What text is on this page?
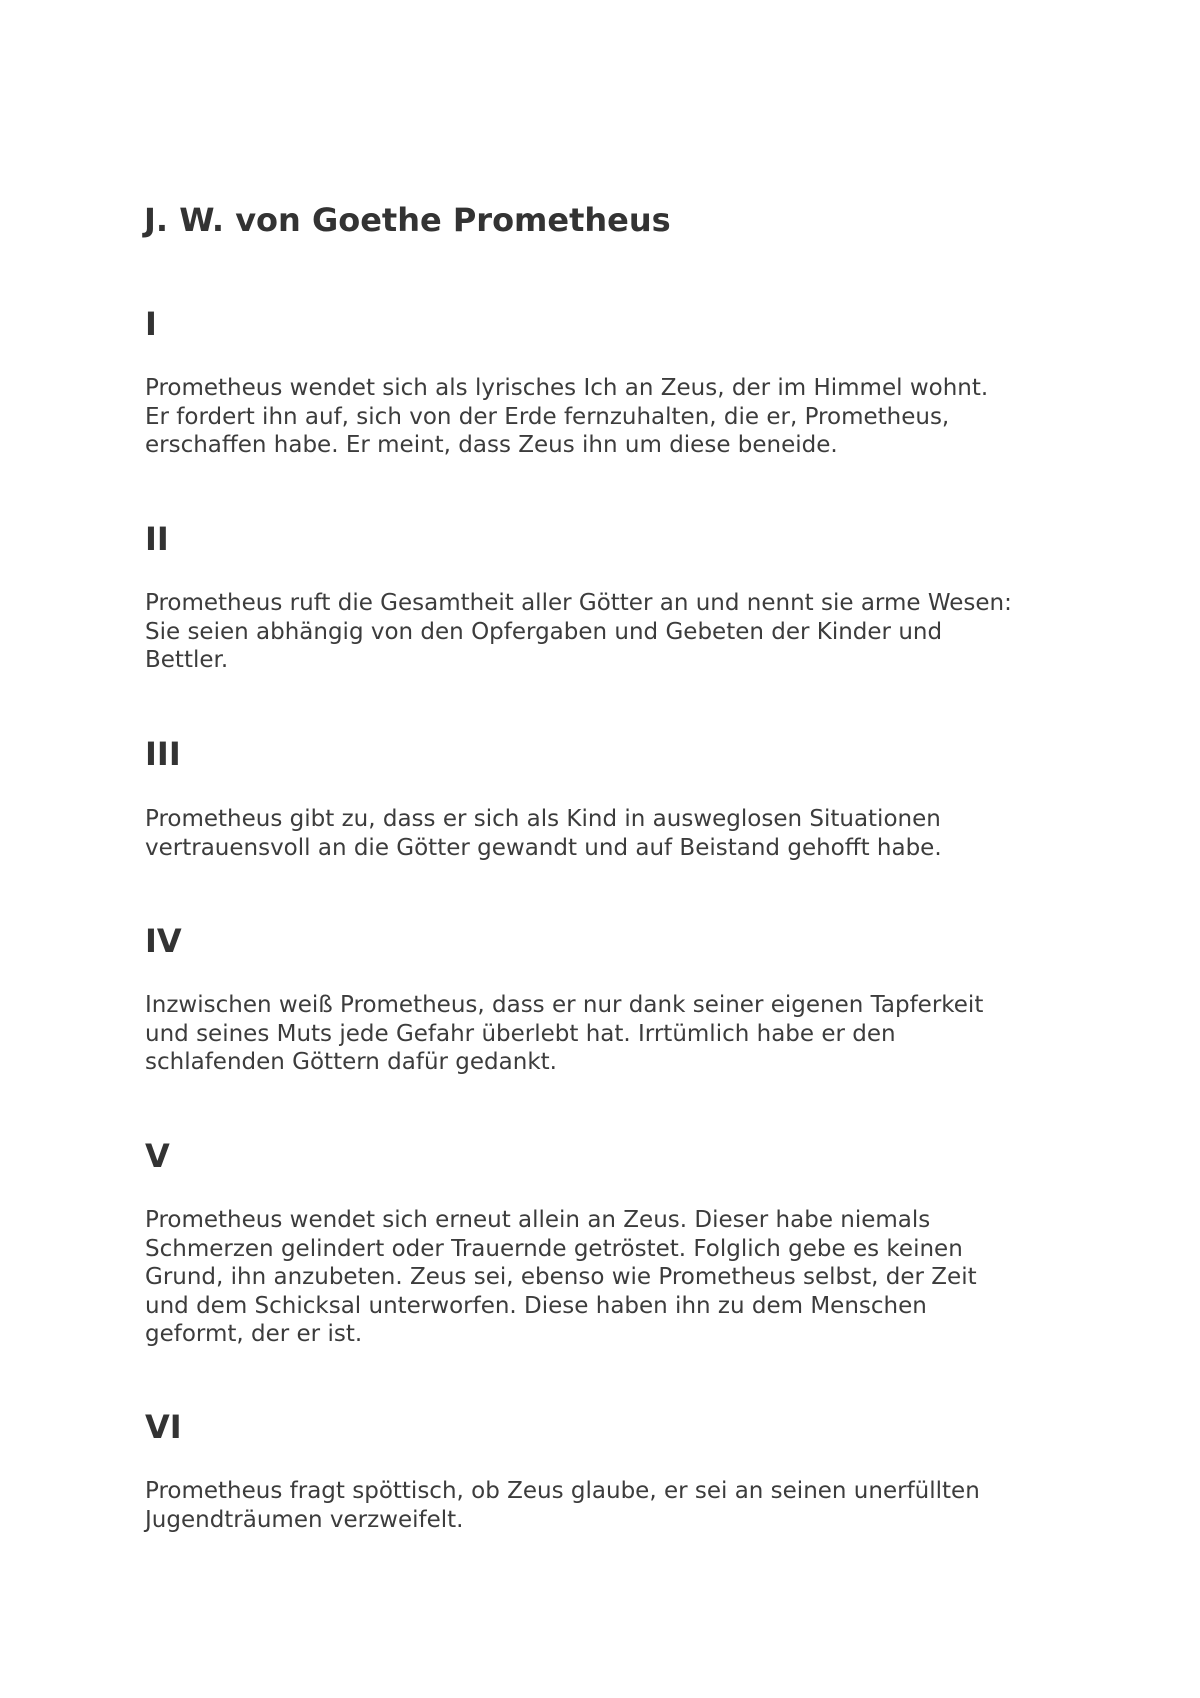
J. W. von Goethe Prometheus
I
Prometheus wendet sich als lyrisches Ich an Zeus, der im Himmel wohnt.
Er fordert ihn auf, sich von der Erde fernzuhalten, die er, Prometheus,
erschaffen habe. Er meint, dass Zeus ihn um diese beneide.
II
Prometheus ruft die Gesamtheit aller Götter an und nennt sie arme Wesen:
Sie seien abhängig von den Opfergaben und Gebeten der Kinder und
Bettler.
III
Prometheus gibt zu, dass er sich als Kind in ausweglosen Situationen
vertrauensvoll an die Götter gewandt und auf Beistand gehofft habe.
IV
Inzwischen weiß Prometheus, dass er nur dank seiner eigenen Tapferkeit
und seines Muts jede Gefahr überlebt hat. Irrtümlich habe er den
schlafenden Göttern dafür gedankt.
V
Prometheus wendet sich erneut allein an Zeus. Dieser habe niemals
Schmerzen gelindert oder Trauernde getröstet. Folglich gebe es keinen
Grund, ihn anzubeten. Zeus sei, ebenso wie Prometheus selbst, der Zeit
und dem Schicksal unterworfen. Diese haben ihn zu dem Menschen
geformt, der er ist.
VI
Prometheus fragt spöttisch, ob Zeus glaube, er sei an seinen unerfüllten
Jugendträumen verzweifelt.
